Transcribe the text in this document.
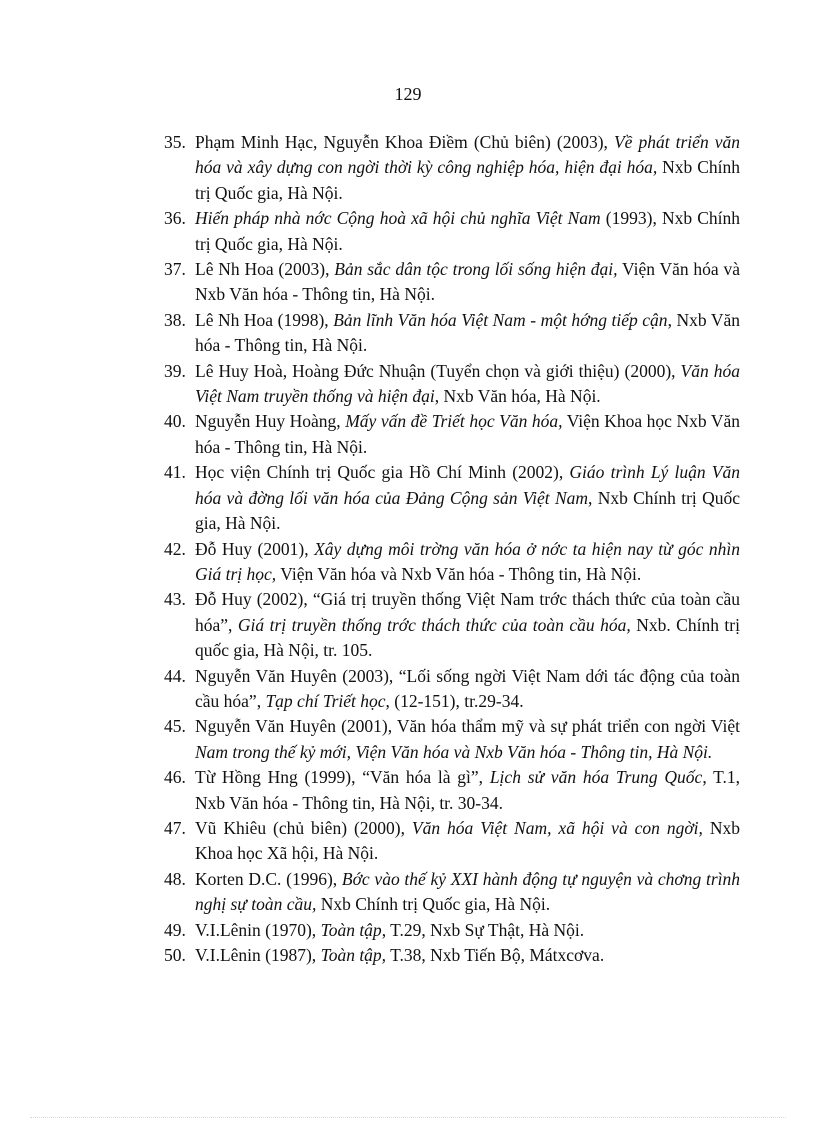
129
35. Phạm Minh Hạc, Nguyễn Khoa Điềm (Chủ biên) (2003), Về phát triển văn hóa và xây dựng con ngời thời kỳ công nghiệp hóa, hiện đại hóa, Nxb Chính trị Quốc gia, Hà Nội.
36. Hiến pháp nhà nớc Cộng hoà xã hội chủ nghĩa Việt Nam (1993), Nxb Chính trị Quốc gia, Hà Nội.
37. Lê Nh Hoa (2003), Bản sắc dân tộc trong lối sống hiện đại, Viện Văn hóa và Nxb Văn hóa - Thông tin, Hà Nội.
38. Lê Nh Hoa (1998), Bản lĩnh Văn hóa Việt Nam - một hớng tiếp cận, Nxb Văn hóa - Thông tin, Hà Nội.
39. Lê Huy Hoà, Hoàng Đức Nhuận (Tuyển chọn và giới thiệu) (2000), Văn hóa Việt Nam truyền thống và hiện đại, Nxb Văn hóa, Hà Nội.
40. Nguyễn Huy Hoàng, Mấy vấn đề Triết học Văn hóa, Viện Khoa học Nxb Văn hóa - Thông tin, Hà Nội.
41. Học viện Chính trị Quốc gia Hồ Chí Minh (2002), Giáo trình Lý luận Văn hóa và đờng lối văn hóa của Đảng Cộng sản Việt Nam, Nxb Chính trị Quốc gia, Hà Nội.
42. Đỗ Huy (2001), Xây dựng môi trờng văn hóa ở nớc ta hiện nay từ góc nhìn Giá trị học, Viện Văn hóa và Nxb Văn hóa - Thông tin, Hà Nội.
43. Đỗ Huy (2002), “Giá trị truyền thống Việt Nam trớc thách thức của toàn cầu hóa”, Giá trị truyền thống trớc thách thức của toàn cầu hóa, Nxb. Chính trị quốc gia, Hà Nội, tr. 105.
44. Nguyễn Văn Huyên (2003), “Lối sống ngời Việt Nam dới tác động của toàn cầu hóa”, Tạp chí Triết học, (12-151), tr.29-34.
45. Nguyễn Văn Huyên (2001), Văn hóa thẩm mỹ và sự phát triển con ngời Việt Nam trong thế kỷ mới, Viện Văn hóa và Nxb Văn hóa - Thông tin, Hà Nội.
46. Từ Hồng Hng (1999), “Văn hóa là gì”, Lịch sử văn hóa Trung Quốc, T.1, Nxb Văn hóa - Thông tin, Hà Nội, tr. 30-34.
47. Vũ Khiêu (chủ biên) (2000), Văn hóa Việt Nam, xã hội và con ngời, Nxb Khoa học Xã hội, Hà Nội.
48. Korten D.C. (1996), Bớc vào thế kỷ XXI hành động tự nguyện và chơng trình nghị sự toàn cầu, Nxb Chính trị Quốc gia, Hà Nội.
49. V.I.Lênin (1970), Toàn tập, T.29, Nxb Sự Thật, Hà Nội.
50. V.I.Lênin (1987), Toàn tập, T.38, Nxb Tiến Bộ, Mátxcơva.
